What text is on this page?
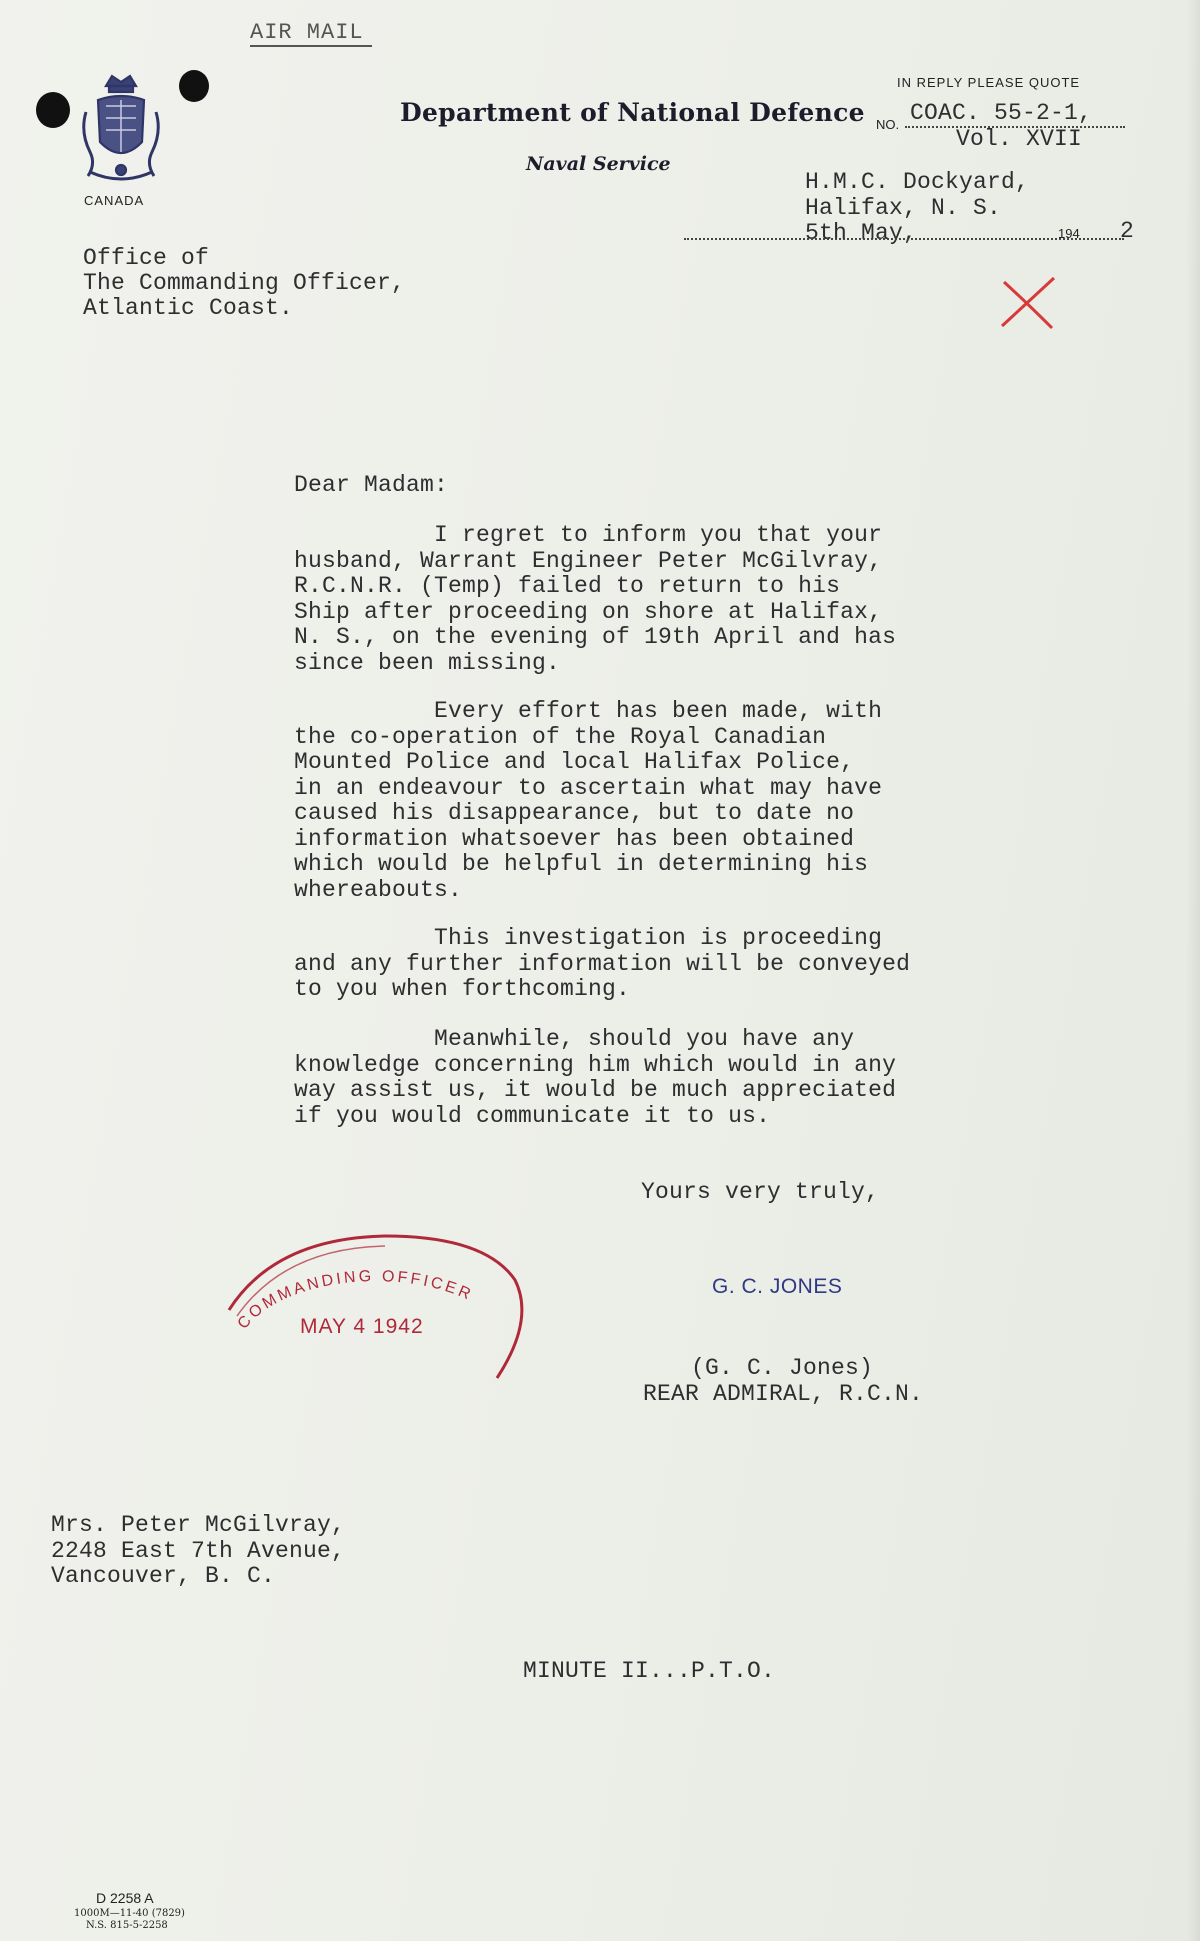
AIR MAIL
CANADA
Department of National Defence
Naval Service
IN REPLY PLEASE QUOTE
NO. COAC. 55-2-1,
Vol. XVII
H.M.C. Dockyard,
Halifax, N. S.
5th May,	194 2
Office of
The Commanding Officer,
Atlantic Coast.
Dear Madam:
I regret to inform you that your
husband, Warrant Engineer Peter McGilvray,
R.C.N.R. (Temp) failed to return to his
Ship after proceeding on shore at Halifax,
N. S., on the evening of 19th April and has
since been missing.
Every effort has been made, with
the co-operation of the Royal Canadian
Mounted Police and local Halifax Police,
in an endeavour to ascertain what may have
caused his disappearance, but to date no
information whatsoever has been obtained
which would be helpful in determining his
whereabouts.
This investigation is proceeding
and any further information will be conveyed
to you when forthcoming.
Meanwhile, should you have any
knowledge concerning him which would in any
way assist us, it would be much appreciated
if you would communicate it to us.
Yours very truly,
COMMANDING OFFICER
MAY 4 1942
G. C. JONES
(G. C. Jones)
REAR ADMIRAL, R.C.N.
Mrs. Peter McGilvray,
2248 East 7th Avenue,
Vancouver, B. C.
MINUTE II...P.T.O.
D 2258 A
1000M—11-40 (7829)
N.S. 815-5-2258
